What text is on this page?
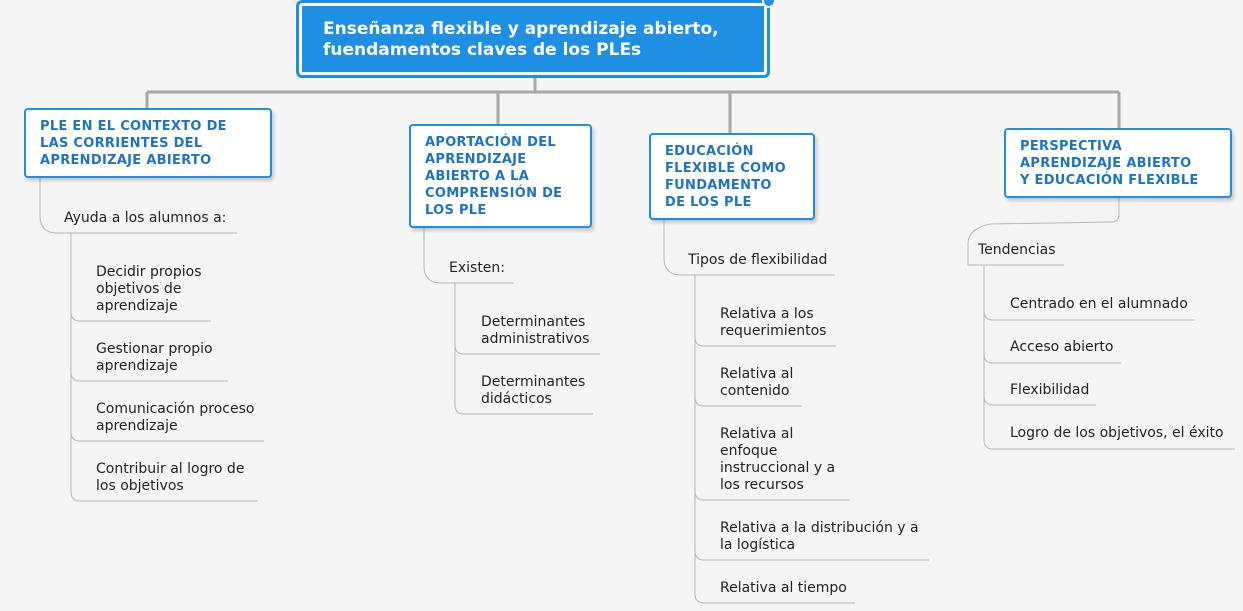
Enseñanza flexible y aprendizaje abierto,
fuendamentos claves de los PLEs
PLE EN EL CONTEXTO DE
LAS CORRIENTES DEL
APRENDIZAJE ABIERTO
Ayuda a los alumnos a:
Decidir propios
objetivos de
aprendizaje
Gestionar propio
aprendizaje
Comunicación proceso
aprendizaje
Contribuir al logro de
los objetivos
APORTACIÓN DEL
APRENDIZAJE
ABIERTO A LA
COMPRENSIÓN DE
LOS PLE
Existen:
Determinantes
administrativos
Determinantes
didácticos
EDUCACIÓN
FLEXIBLE COMO
FUNDAMENTO
DE LOS PLE
Tipos de flexibilidad
Relativa a los
requerimientos
Relativa al
contenido
Relativa al
enfoque
instruccional y a
los recursos
Relativa a la distribución y a
la logística
Relativa al tiempo
PERSPECTIVA
APRENDIZAJE ABIERTO
Y EDUCACIÓN FLEXIBLE
Tendencias
Centrado en el alumnado
Acceso abierto
Flexibilidad
Logro de los objetivos, el éxito
